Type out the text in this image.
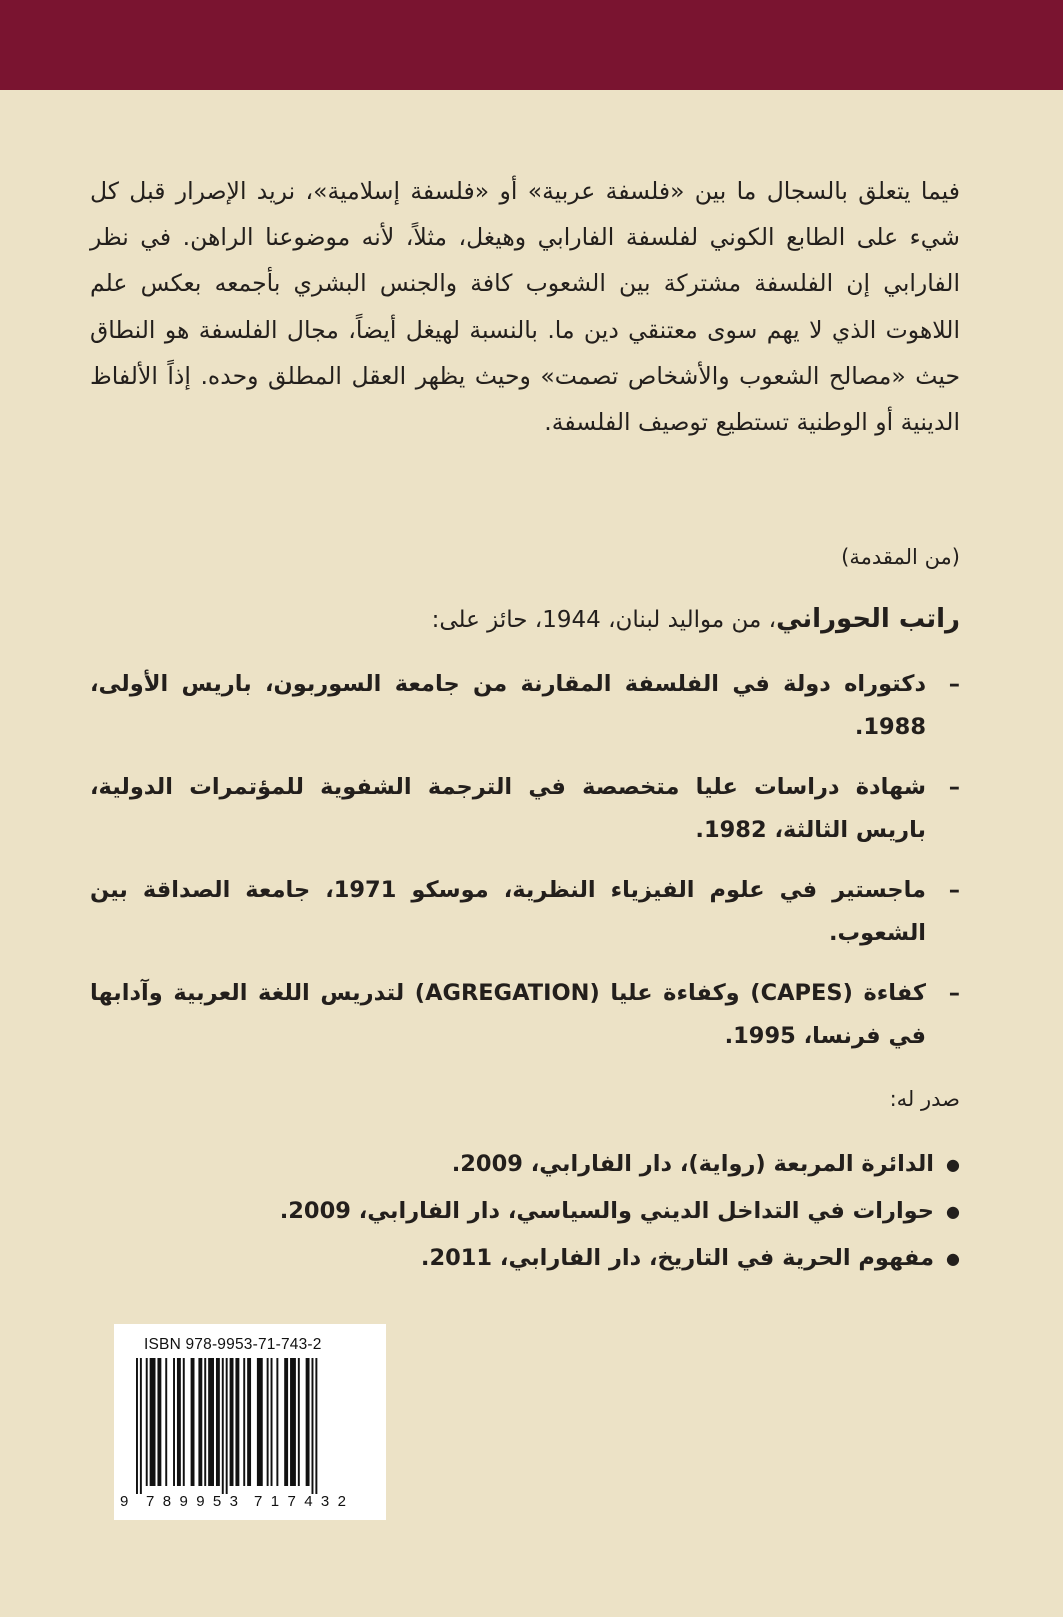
فيما يتعلق بالسجال ما بين «فلسفة عربية» أو «فلسفة إسلامية»، نريد الإصرار قبل كل شيء على الطابع الكوني لفلسفة الفارابي وهيغل، مثلاً، لأنه موضوعنا الراهن. في نظر الفارابي إن الفلسفة مشتركة بين الشعوب كافة والجنس البشري بأجمعه بعكس علم اللاهوت الذي لا يهم سوى معتنقي دين ما. بالنسبة لهيغل أيضاً، مجال الفلسفة هو النطاق حيث «مصالح الشعوب والأشخاص تصمت» وحيث يظهر العقل المطلق وحده. إذاً الألفاظ الدينية أو الوطنية تستطيع توصيف الفلسفة.

(من المقدمة)
راتب الحوراني، من مواليد لبنان، 1944، حائز على:
–
دكتوراه دولة في الفلسفة المقارنة من جامعة السوربون، باريس الأولى، 1988.
–
شهادة دراسات عليا متخصصة في الترجمة الشفوية للمؤتمرات الدولية، باريس الثالثة، 1982.
–
ماجستير في علوم الفيزياء النظرية، موسكو 1971، جامعة الصداقة بين الشعوب.
–
كفاءة (CAPES) وكفاءة عليا (AGREGATION) لتدريس اللغة العربية وآدابها في فرنسا، 1995.
صدر له:
●
الدائرة المربعة (رواية)، دار الفارابي، 2009.
●
حوارات في التداخل الديني والسياسي، دار الفارابي، 2009.
●
مفهوم الحرية في التاريخ، دار الفارابي، 2011.
ISBN 978-9953-71-743-2
9 789953 717432
